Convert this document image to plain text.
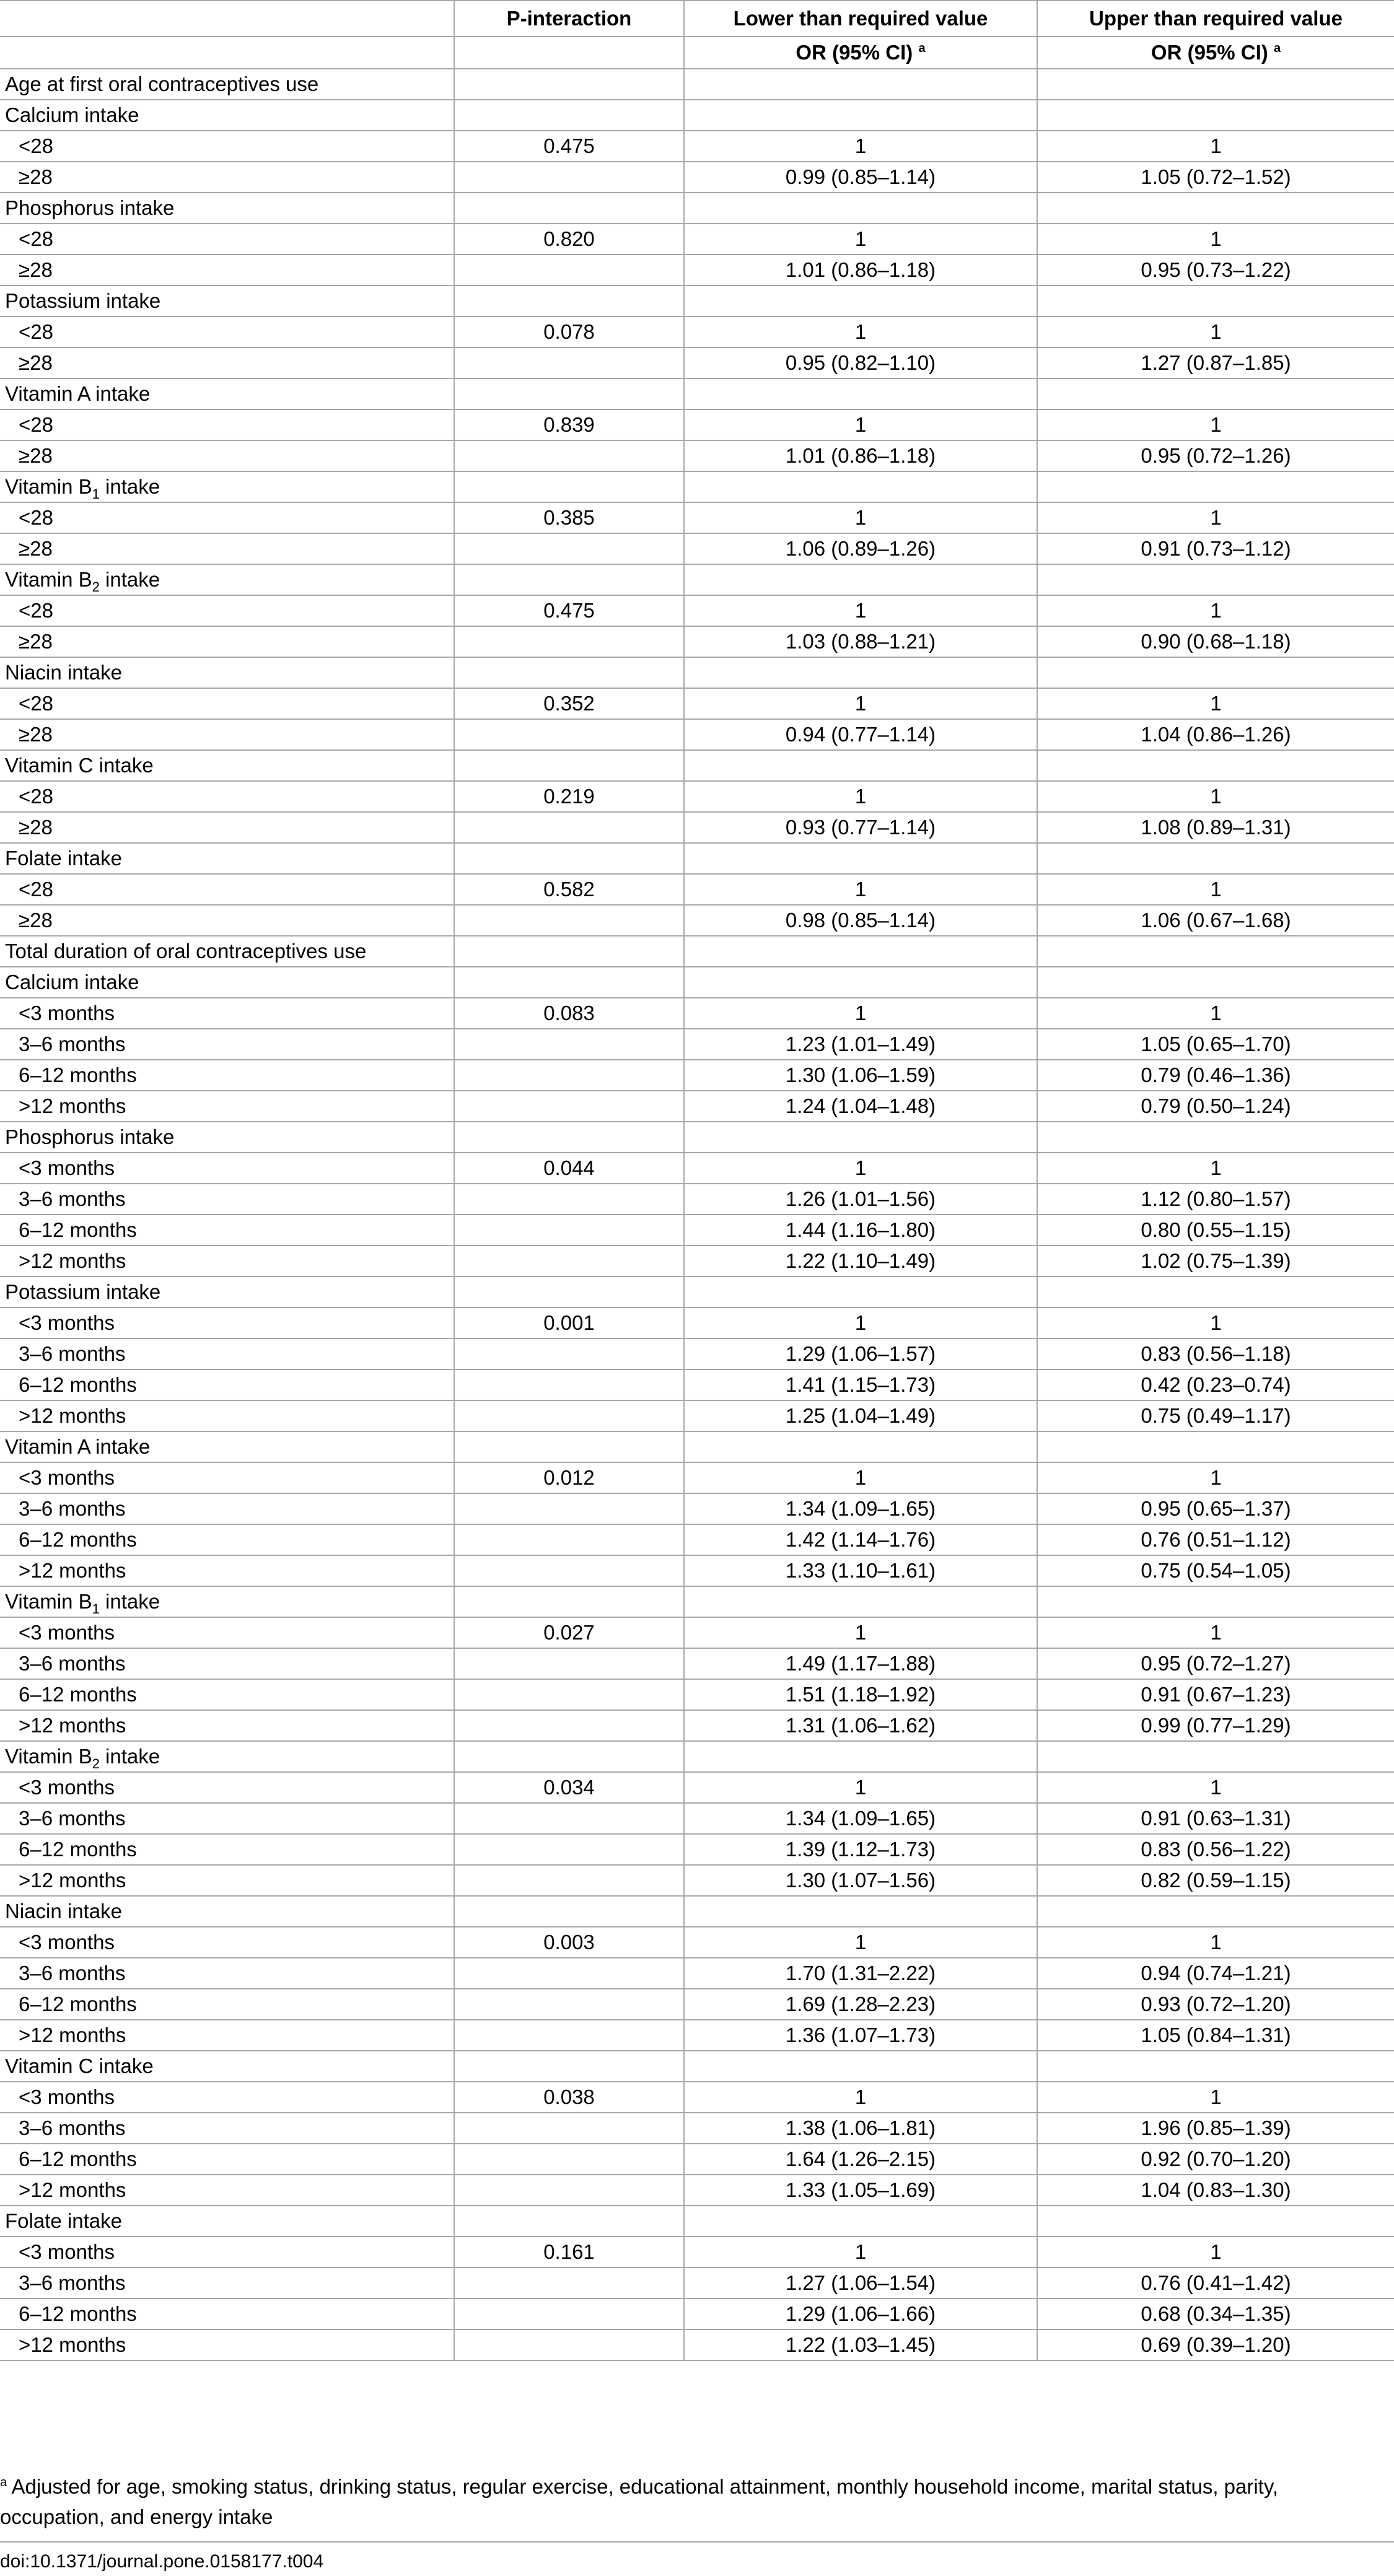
	P-interaction	Lower than required value	Upper than required value
		OR (95% CI) $^a$	OR (95% CI) $^a$
Age at first oral contraceptives use			
Calcium intake			
<28	0.475	1	1
≥28		0.99 (0.85–1.14)	1.05 (0.72–1.52)
Phosphorus intake			
<28	0.820	1	1
≥28		1.01 (0.86–1.18)	0.95 (0.73–1.22)
Potassium intake			
<28	0.078	1	1
≥28		0.95 (0.82–1.10)	1.27 (0.87–1.85)
Vitamin A intake			
<28	0.839	1	1
≥28		1.01 (0.86–1.18)	0.95 (0.72–1.26)
Vitamin $B_1$ intake			
<28	0.385	1	1
≥28		1.06 (0.89–1.26)	0.91 (0.73–1.12)
Vitamin $B_2$ intake			
<28	0.475	1	1
≥28		1.03 (0.88–1.21)	0.90 (0.68–1.18)
Niacin intake			
<28	0.352	1	1
≥28		0.94 (0.77–1.14)	1.04 (0.86–1.26)
Vitamin C intake			
<28	0.219	1	1
≥28		0.93 (0.77–1.14)	1.08 (0.89–1.31)
Folate intake			
<28	0.582	1	1
≥28		0.98 (0.85–1.14)	1.06 (0.67–1.68)
Total duration of oral contraceptives use			
Calcium intake			
<3 months	0.083	1	1
3–6 months		1.23 (1.01–1.49)	1.05 (0.65–1.70)
6–12 months		1.30 (1.06–1.59)	0.79 (0.46–1.36)
>12 months		1.24 (1.04–1.48)	0.79 (0.50–1.24)
Phosphorus intake			
<3 months	0.044	1	1
3–6 months		1.26 (1.01–1.56)	1.12 (0.80–1.57)
6–12 months		1.44 (1.16–1.80)	0.80 (0.55–1.15)
>12 months		1.22 (1.10–1.49)	1.02 (0.75–1.39)
Potassium intake			
<3 months	0.001	1	1
3–6 months		1.29 (1.06–1.57)	0.83 (0.56–1.18)
6–12 months		1.41 (1.15–1.73)	0.42 (0.23–0.74)
>12 months		1.25 (1.04–1.49)	0.75 (0.49–1.17)
Vitamin A intake			
<3 months	0.012	1	1
3–6 months		1.34 (1.09–1.65)	0.95 (0.65–1.37)
6–12 months		1.42 (1.14–1.76)	0.76 (0.51–1.12)
>12 months		1.33 (1.10–1.61)	0.75 (0.54–1.05)
Vitamin $B_1$ intake			
<3 months	0.027	1	1
3–6 months		1.49 (1.17–1.88)	0.95 (0.72–1.27)
6–12 months		1.51 (1.18–1.92)	0.91 (0.67–1.23)
>12 months		1.31 (1.06–1.62)	0.99 (0.77–1.29)
Vitamin $B_2$ intake			
<3 months	0.034	1	1
3–6 months		1.34 (1.09–1.65)	0.91 (0.63–1.31)
6–12 months		1.39 (1.12–1.73)	0.83 (0.56–1.22)
>12 months		1.30 (1.07–1.56)	0.82 (0.59–1.15)
Niacin intake			
<3 months	0.003	1	1
3–6 months		1.70 (1.31–2.22)	0.94 (0.74–1.21)
6–12 months		1.69 (1.28–2.23)	0.93 (0.72–1.20)
>12 months		1.36 (1.07–1.73)	1.05 (0.84–1.31)
Vitamin C intake			
<3 months	0.038	1	1
3–6 months		1.38 (1.06–1.81)	1.96 (0.85–1.39)
6–12 months		1.64 (1.26–2.15)	0.92 (0.70–1.20)
>12 months		1.33 (1.05–1.69)	1.04 (0.83–1.30)
Folate intake			
<3 months	0.161	1	1
3–6 months		1.27 (1.06–1.54)	0.76 (0.41–1.42)
6–12 months		1.29 (1.06–1.66)	0.68 (0.34–1.35)
>12 months		1.22 (1.03–1.45)	0.69 (0.39–1.20)
$^a$ Adjusted for age, smoking status, drinking status, regular exercise, educational attainment, monthly household income, marital status, parity, occupation, and energy intake
doi:10.1371/journal.pone.0158177.t004
